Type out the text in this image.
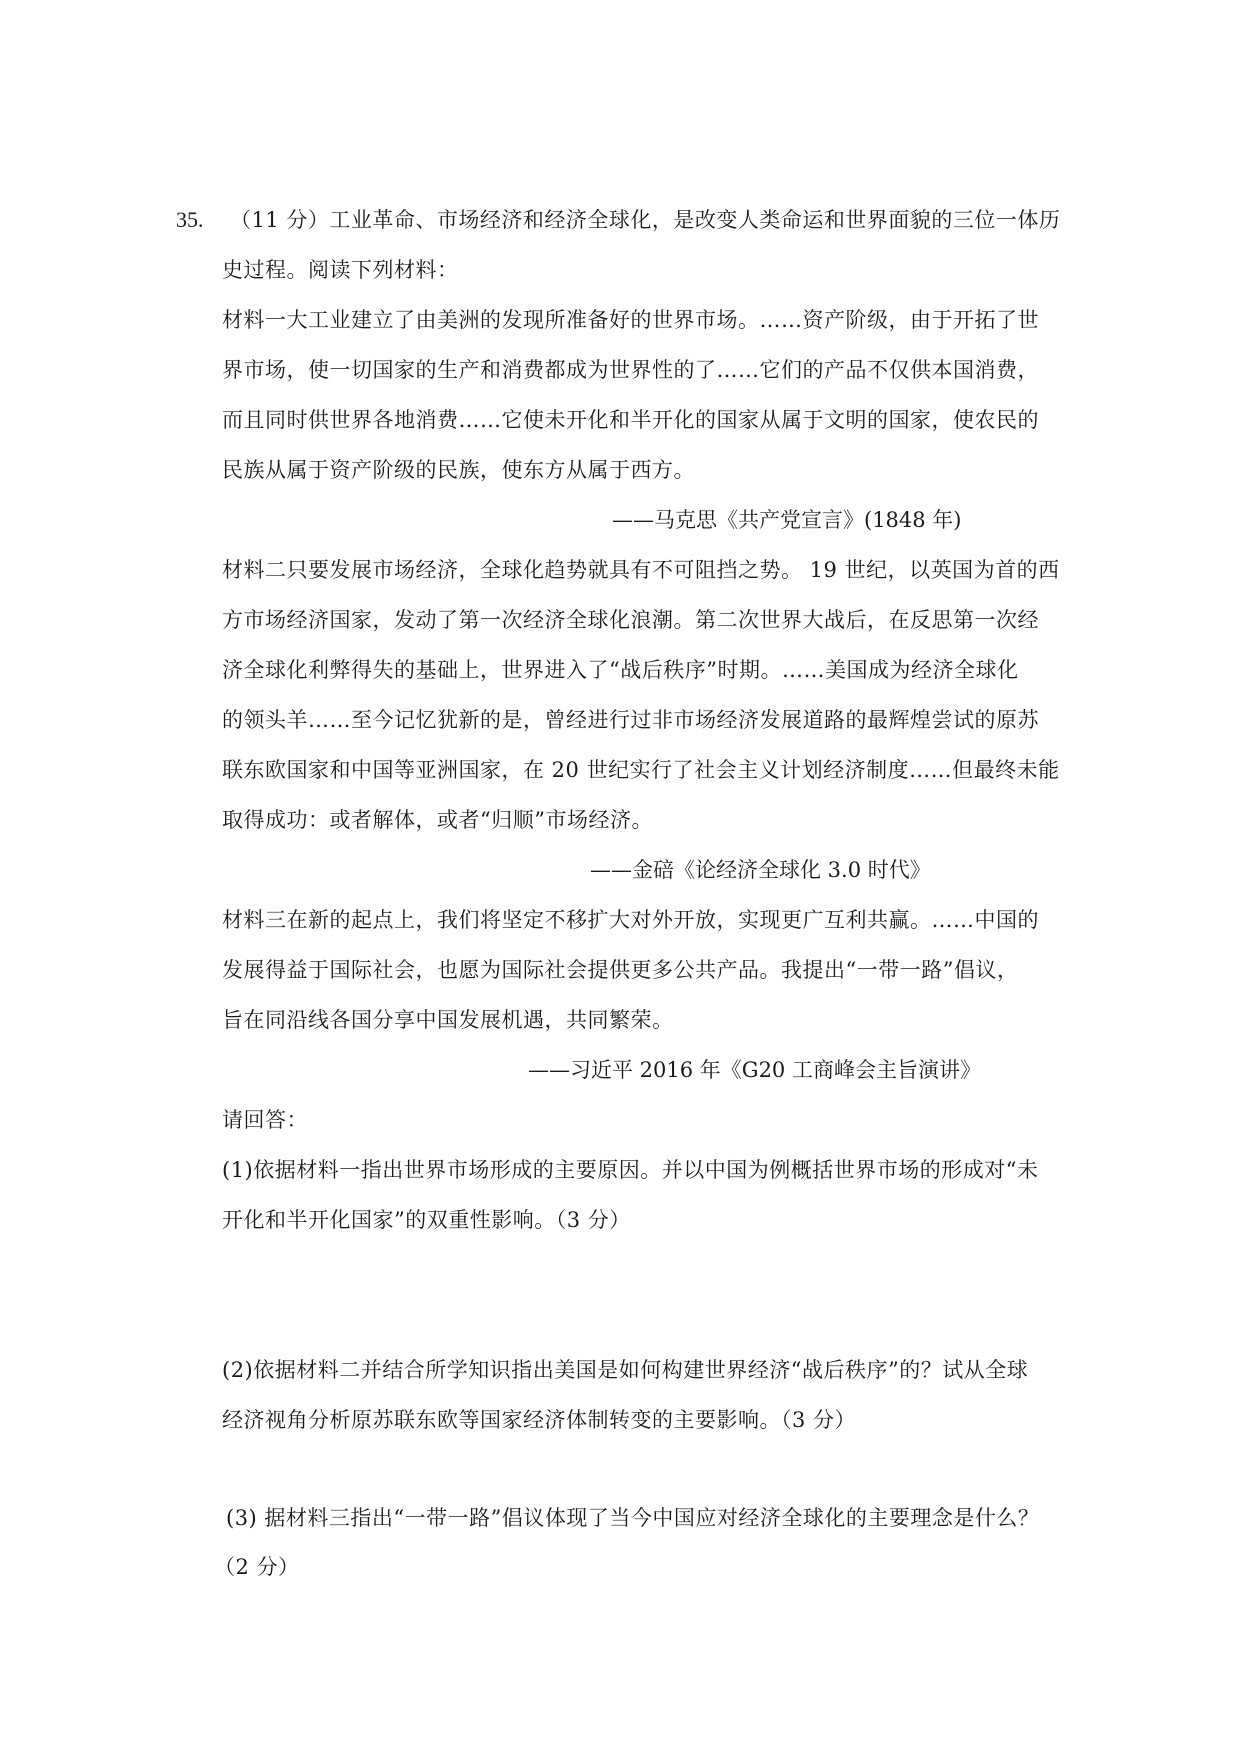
35. （11 分）工业革命、市场经济和经济全球化，是改变人类命运和世界面貌的三位一体历
史过程。阅读下列材料：
材料一大工业建立了由美洲的发现所准备好的世界市场。……资产阶级，由于开拓了世
界市场，使一切国家的生产和消费都成为世界性的了……它们的产品不仅供本国消费，
而且同时供世界各地消费……它使未开化和半开化的国家从属于文明的国家，使农民的
民族从属于资产阶级的民族，使东方从属于西方。
——马克思《共产党宣言》(1848 年)
材料二只要发展市场经济，全球化趋势就具有不可阻挡之势。 19 世纪，以英国为首的西
方市场经济国家，发动了第一次经济全球化浪潮。第二次世界大战后，在反思第一次经
济全球化利弊得失的基础上，世界进入了“战后秩序”时期。……美国成为经济全球化
的领头羊……至今记忆犹新的是，曾经进行过非市场经济发展道路的最辉煌尝试的原苏
联东欧国家和中国等亚洲国家，在 20 世纪实行了社会主义计划经济制度……但最终未能
取得成功：或者解体，或者“归顺”市场经济。
——金碚《论经济全球化 3.0 时代》
材料三在新的起点上，我们将坚定不移扩大对外开放，实现更广互利共赢。……中国的
发展得益于国际社会，也愿为国际社会提供更多公共产品。我提出“一带一路”倡议，
旨在同沿线各国分享中国发展机遇，共同繁荣。
——习近平 2016 年《G20 工商峰会主旨演讲》
请回答：
(1)依据材料一指出世界市场形成的主要原因。并以中国为例概括世界市场的形成对“未
开化和半开化国家”的双重性影响。（3 分）
(2)依据材料二并结合所学知识指出美国是如何构建世界经济“战后秩序”的？试从全球
经济视角分析原苏联东欧等国家经济体制转变的主要影响。（3 分）
(3) 据材料三指出“一带一路”倡议体现了当今中国应对经济全球化的主要理念是什么？
（2 分）
